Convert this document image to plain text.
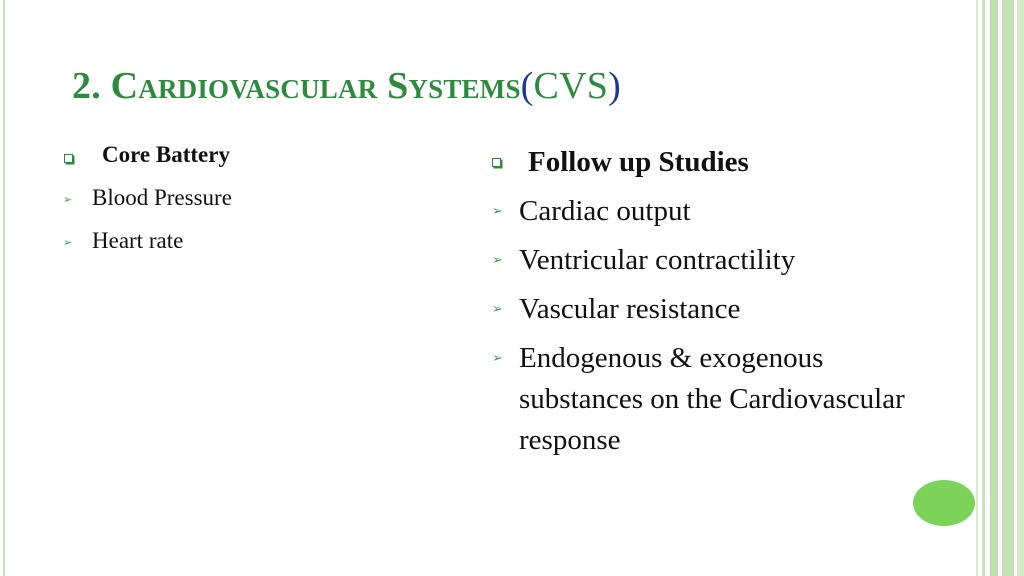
2. Cardiovascular Systems(CVS)
Core Battery
➢ Blood Pressure
➢ Heart rate
Follow up Studies
➢ Cardiac output
➢ Ventricular contractility
➢ Vascular resistance
➢ Endogenous & exogenous substances on the Cardiovascular response
